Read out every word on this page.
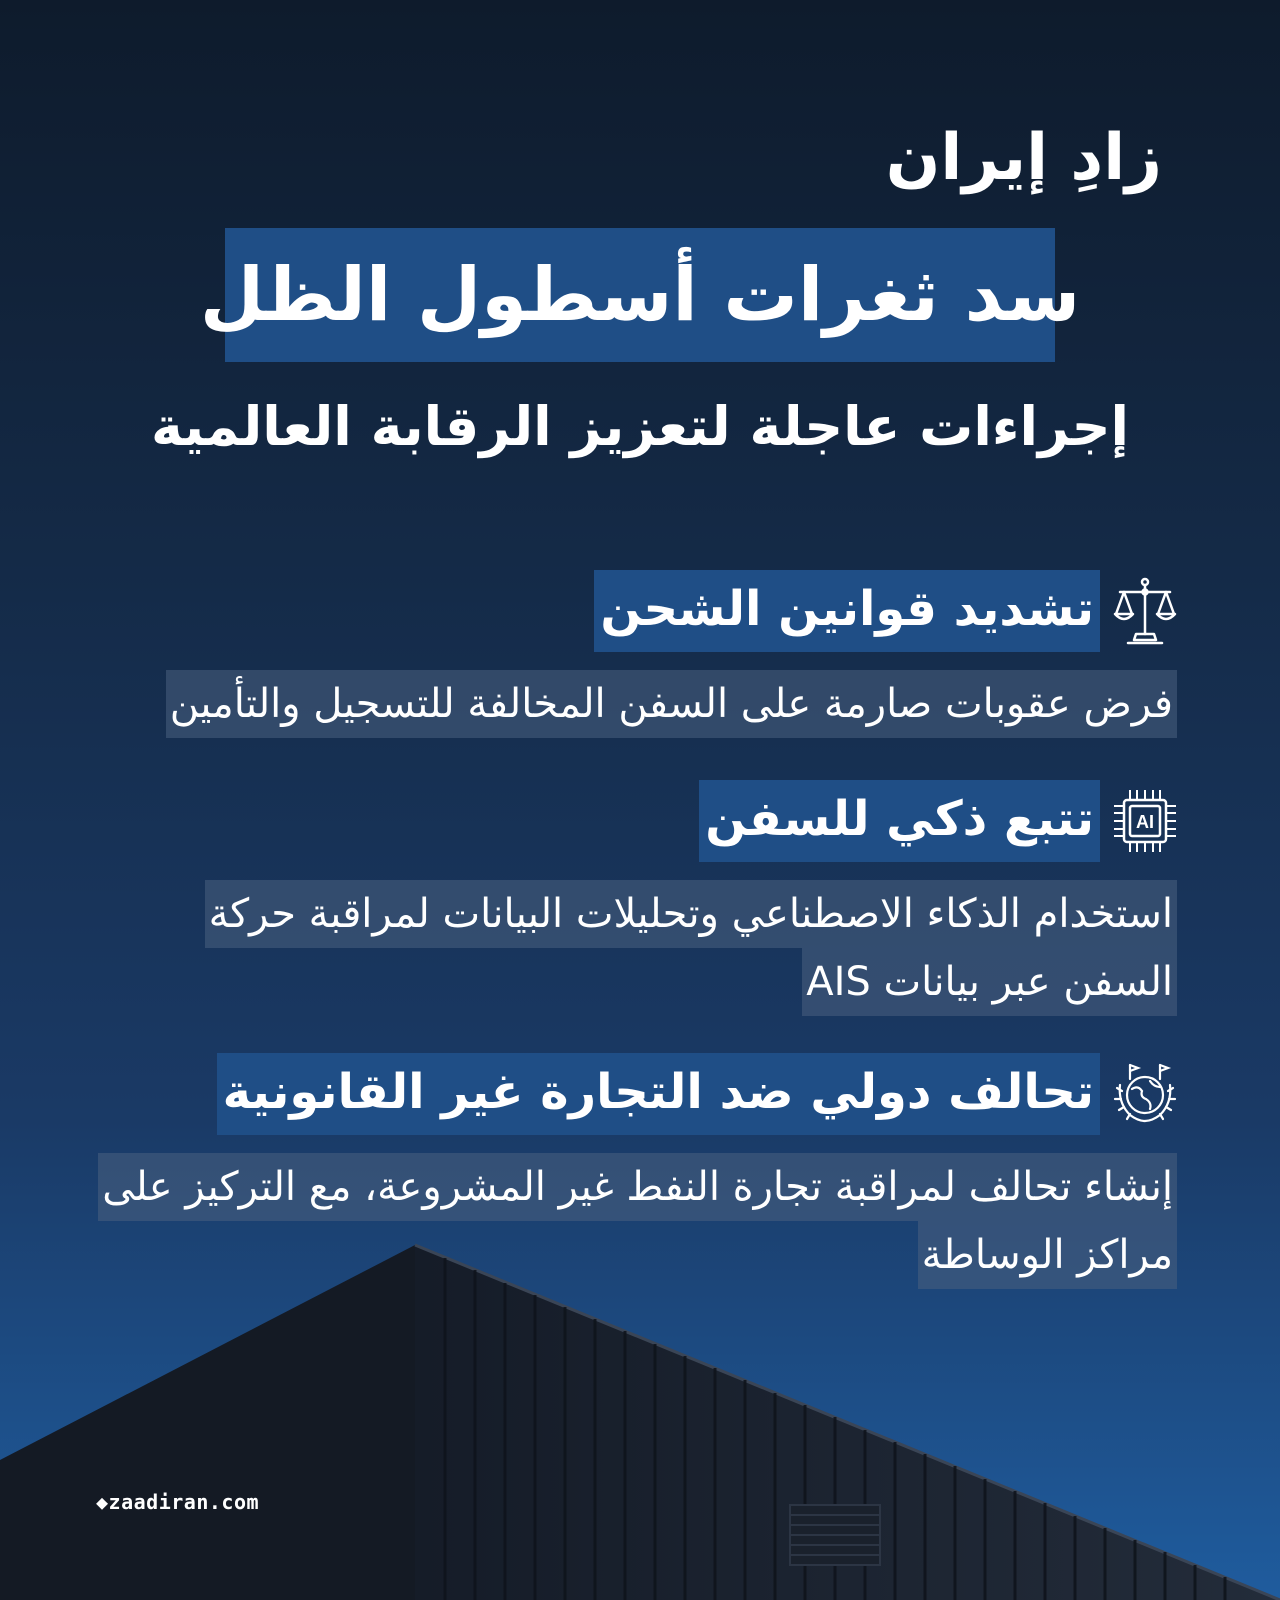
زادِ إيران
سد ثغرات أسطول الظل
إجراءات عاجلة لتعزيز الرقابة العالمية
تشديد قوانين الشحن
فرض عقوبات صارمة على السفن المخالفة للتسجيل والتأمين
AI
تتبع ذكي للسفن
استخدام الذكاء الاصطناعي وتحليلات البيانات لمراقبة حركة
السفن عبر بيانات AIS
تحالف دولي ضد التجارة غير القانونية
إنشاء تحالف لمراقبة تجارة النفط غير المشروعة، مع التركيز على
مراكز الوساطة
◆zaadiran.com
